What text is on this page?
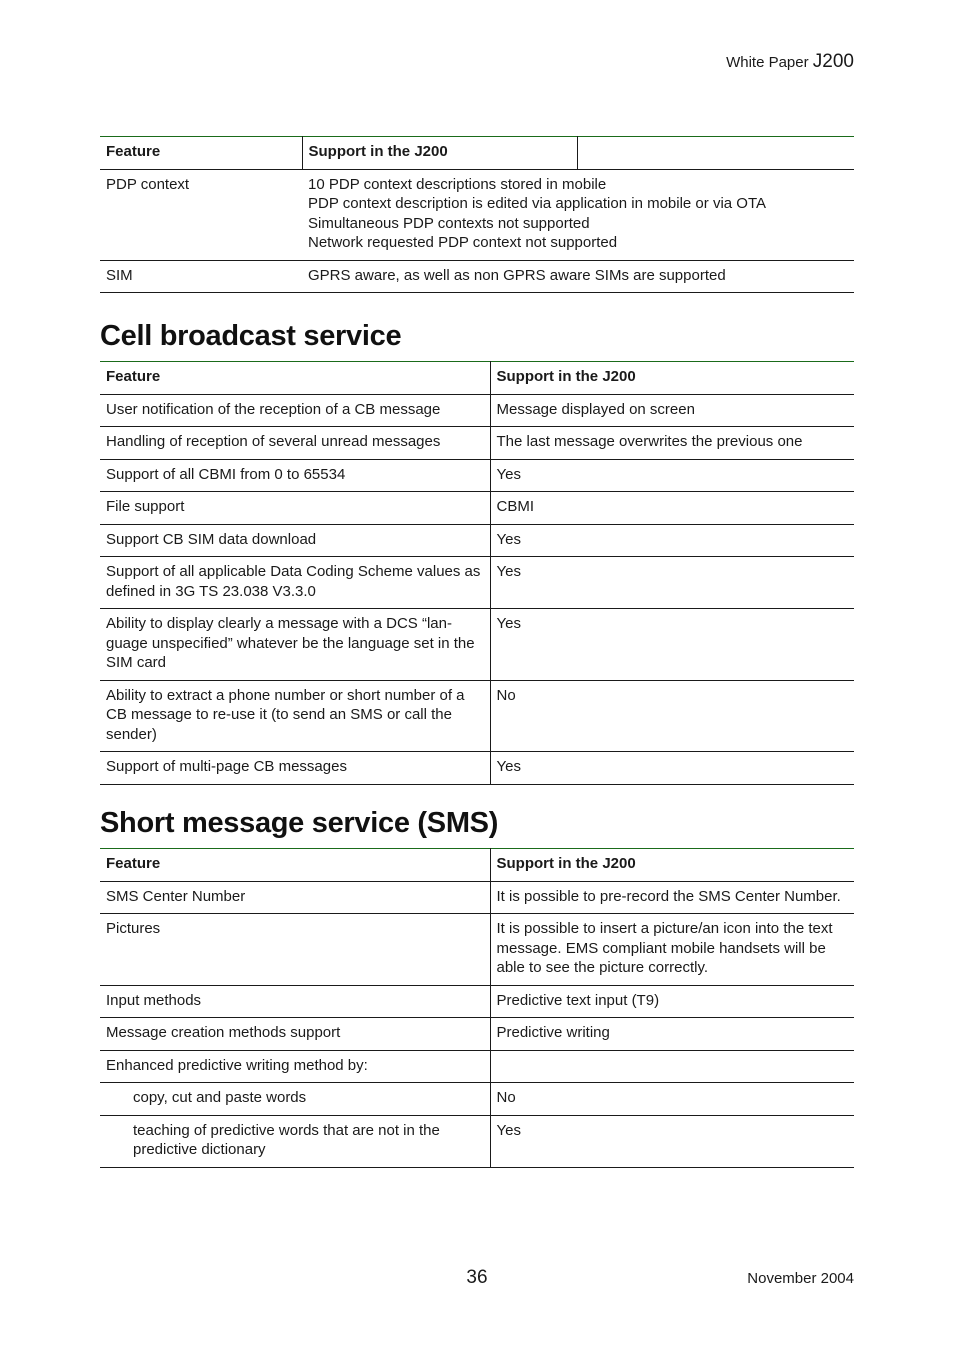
White Paper J200
Feature	Support in the J200	
PDP context	10 PDP context descriptions stored in mobile
PDP context description is edited via application in mobile or via OTA
Simultaneous PDP contexts not supported
Network requested PDP context not supported	

SIM	GPRS aware, as well as non GPRS aware SIMs are supported	
Cell broadcast service
Feature	Support in the J200
User notification of the reception of a CB message	Message displayed on screen
Handling of reception of several unread messages	The last message overwrites the previous one
Support of all CBMI from 0 to 65534	Yes
File support	CBMI
Support CB SIM data download	Yes
Support of all applicable Data Coding Scheme values as defined in 3G TS 23.038 V3.3.0	Yes
Ability to display clearly a message with a DCS “lan-guage unspecified” whatever be the language set in the SIM card	Yes
Ability to extract a phone number or short number of a CB message to re-use it (to send an SMS or call the sender)	No
Support of multi-page CB messages	Yes
Short message service (SMS)
Feature	Support in the J200
SMS Center Number	It is possible to pre-record the SMS Center Number.
Pictures	It is possible to insert a picture/an icon into the text message. EMS compliant mobile handsets will be able to see the picture correctly.
Input methods	Predictive text input (T9)
Message creation methods support	Predictive writing
Enhanced predictive writing method by:	
copy, cut and paste words	No
teaching of predictive words that are not in the predictive dictionary	Yes
36	November 2004
